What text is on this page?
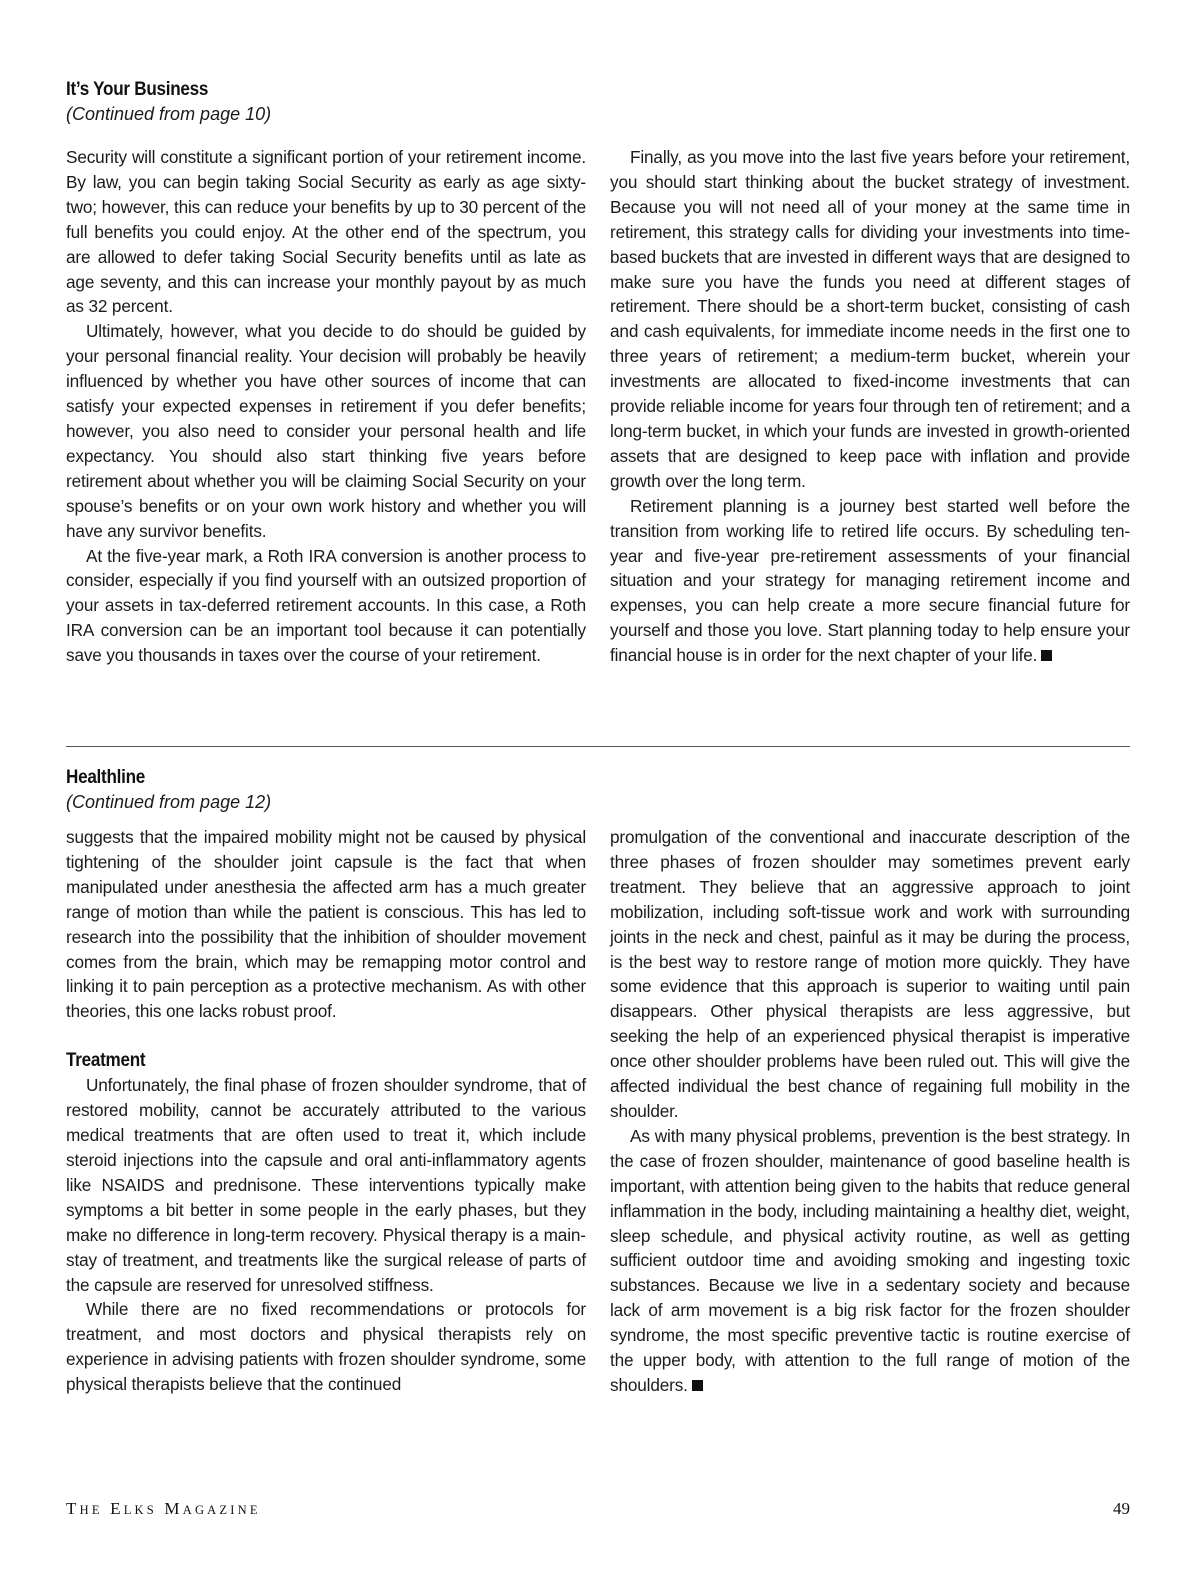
It’s Your Business

(Continued from page 10)

Security will constitute a significant portion of your retirement income. By law, you can begin taking Social Security as early as age sixty-two; however, this can reduce your benefits by up to 30 percent of the full benefits you could enjoy. At the other end of the spectrum, you are allowed to defer taking Social Security benefits until as late as age seventy, and this can increase your monthly payout by as much as 32 percent.

Ultimately, however, what you decide to do should be guided by your personal financial reality. Your decision will probably be heavily influenced by whether you have other sources of income that can satisfy your expected expenses in retirement if you defer benefits; however, you also need to consider your personal health and life expectancy. You should also start thinking five years before retirement about whether you will be claiming Social Security on your spouse’s benefits or on your own work history and whether you will have any survivor benefits.

At the five-year mark, a Roth IRA conversion is another process to consider, especially if you find yourself with an outsized proportion of your assets in tax-deferred retirement accounts. In this case, a Roth IRA conversion can be an important tool because it can potentially save you thousands in taxes over the course of your retirement.

Finally, as you move into the last five years before your retirement, you should start thinking about the bucket strategy of investment. Because you will not need all of your money at the same time in retirement, this strategy calls for dividing your investments into time-based buckets that are invested in different ways that are designed to make sure you have the funds you need at different stages of retirement. There should be a short-term bucket, consisting of cash and cash equivalents, for immediate income needs in the first one to three years of retirement; a medium-term bucket, wherein your investments are allocated to fixed-income investments that can provide reliable income for years four through ten of retirement; and a long-term bucket, in which your funds are invested in growth-oriented assets that are designed to keep pace with inflation and provide growth over the long term.

Retirement planning is a journey best started well before the transition from working life to retired life occurs. By scheduling ten-year and five-year pre-retirement assessments of your financial situation and your strategy for managing retirement income and expenses, you can help create a more secure financial future for yourself and those you love. Start planning today to help ensure your financial house is in order for the next chapter of your life.

Healthline

(Continued from page 12)

suggests that the impaired mobility might not be caused by physical tightening of the shoulder joint capsule is the fact that when manipulated under anesthesia the affected arm has a much greater range of motion than while the patient is conscious. This has led to research into the possibility that the inhibition of shoulder movement comes from the brain, which may be remapping motor control and linking it to pain perception as a protective mechanism. As with other theories, this one lacks robust proof.

Treatment

Unfortunately, the final phase of frozen shoulder syndrome, that of restored mobility, cannot be accurately attributed to the various medical treatments that are often used to treat it, which include steroid injections into the capsule and oral anti-inflammatory agents like NSAIDS and prednisone. These interventions typically make symptoms a bit better in some people in the early phases, but they make no difference in long-term recovery. Physical therapy is a mainstay of treatment, and treatments like the surgical release of parts of the capsule are reserved for unresolved stiffness.

While there are no fixed recommendations or protocols for treatment, and most doctors and physical therapists rely on experience in advising patients with frozen shoulder syndrome, some physical therapists believe that the continued

promulgation of the conventional and inaccurate description of the three phases of frozen shoulder may sometimes prevent early treatment. They believe that an aggressive approach to joint mobilization, including soft-tissue work and work with surrounding joints in the neck and chest, painful as it may be during the process, is the best way to restore range of motion more quickly. They have some evidence that this approach is superior to waiting until pain disappears. Other physical therapists are less aggressive, but seeking the help of an experienced physical therapist is imperative once other shoulder problems have been ruled out. This will give the affected individual the best chance of regaining full mobility in the shoulder.

As with many physical problems, prevention is the best strategy. In the case of frozen shoulder, maintenance of good baseline health is important, with attention being given to the habits that reduce general inflammation in the body, including maintaining a healthy diet, weight, sleep schedule, and physical activity routine, as well as getting sufficient outdoor time and avoiding smoking and ingesting toxic substances. Because we live in a sedentary society and because lack of arm movement is a big risk factor for the frozen shoulder syndrome, the most specific preventive tactic is routine exercise of the upper body, with attention to the full range of motion of the shoulders.

THE ELKS MAGAZINE	49
